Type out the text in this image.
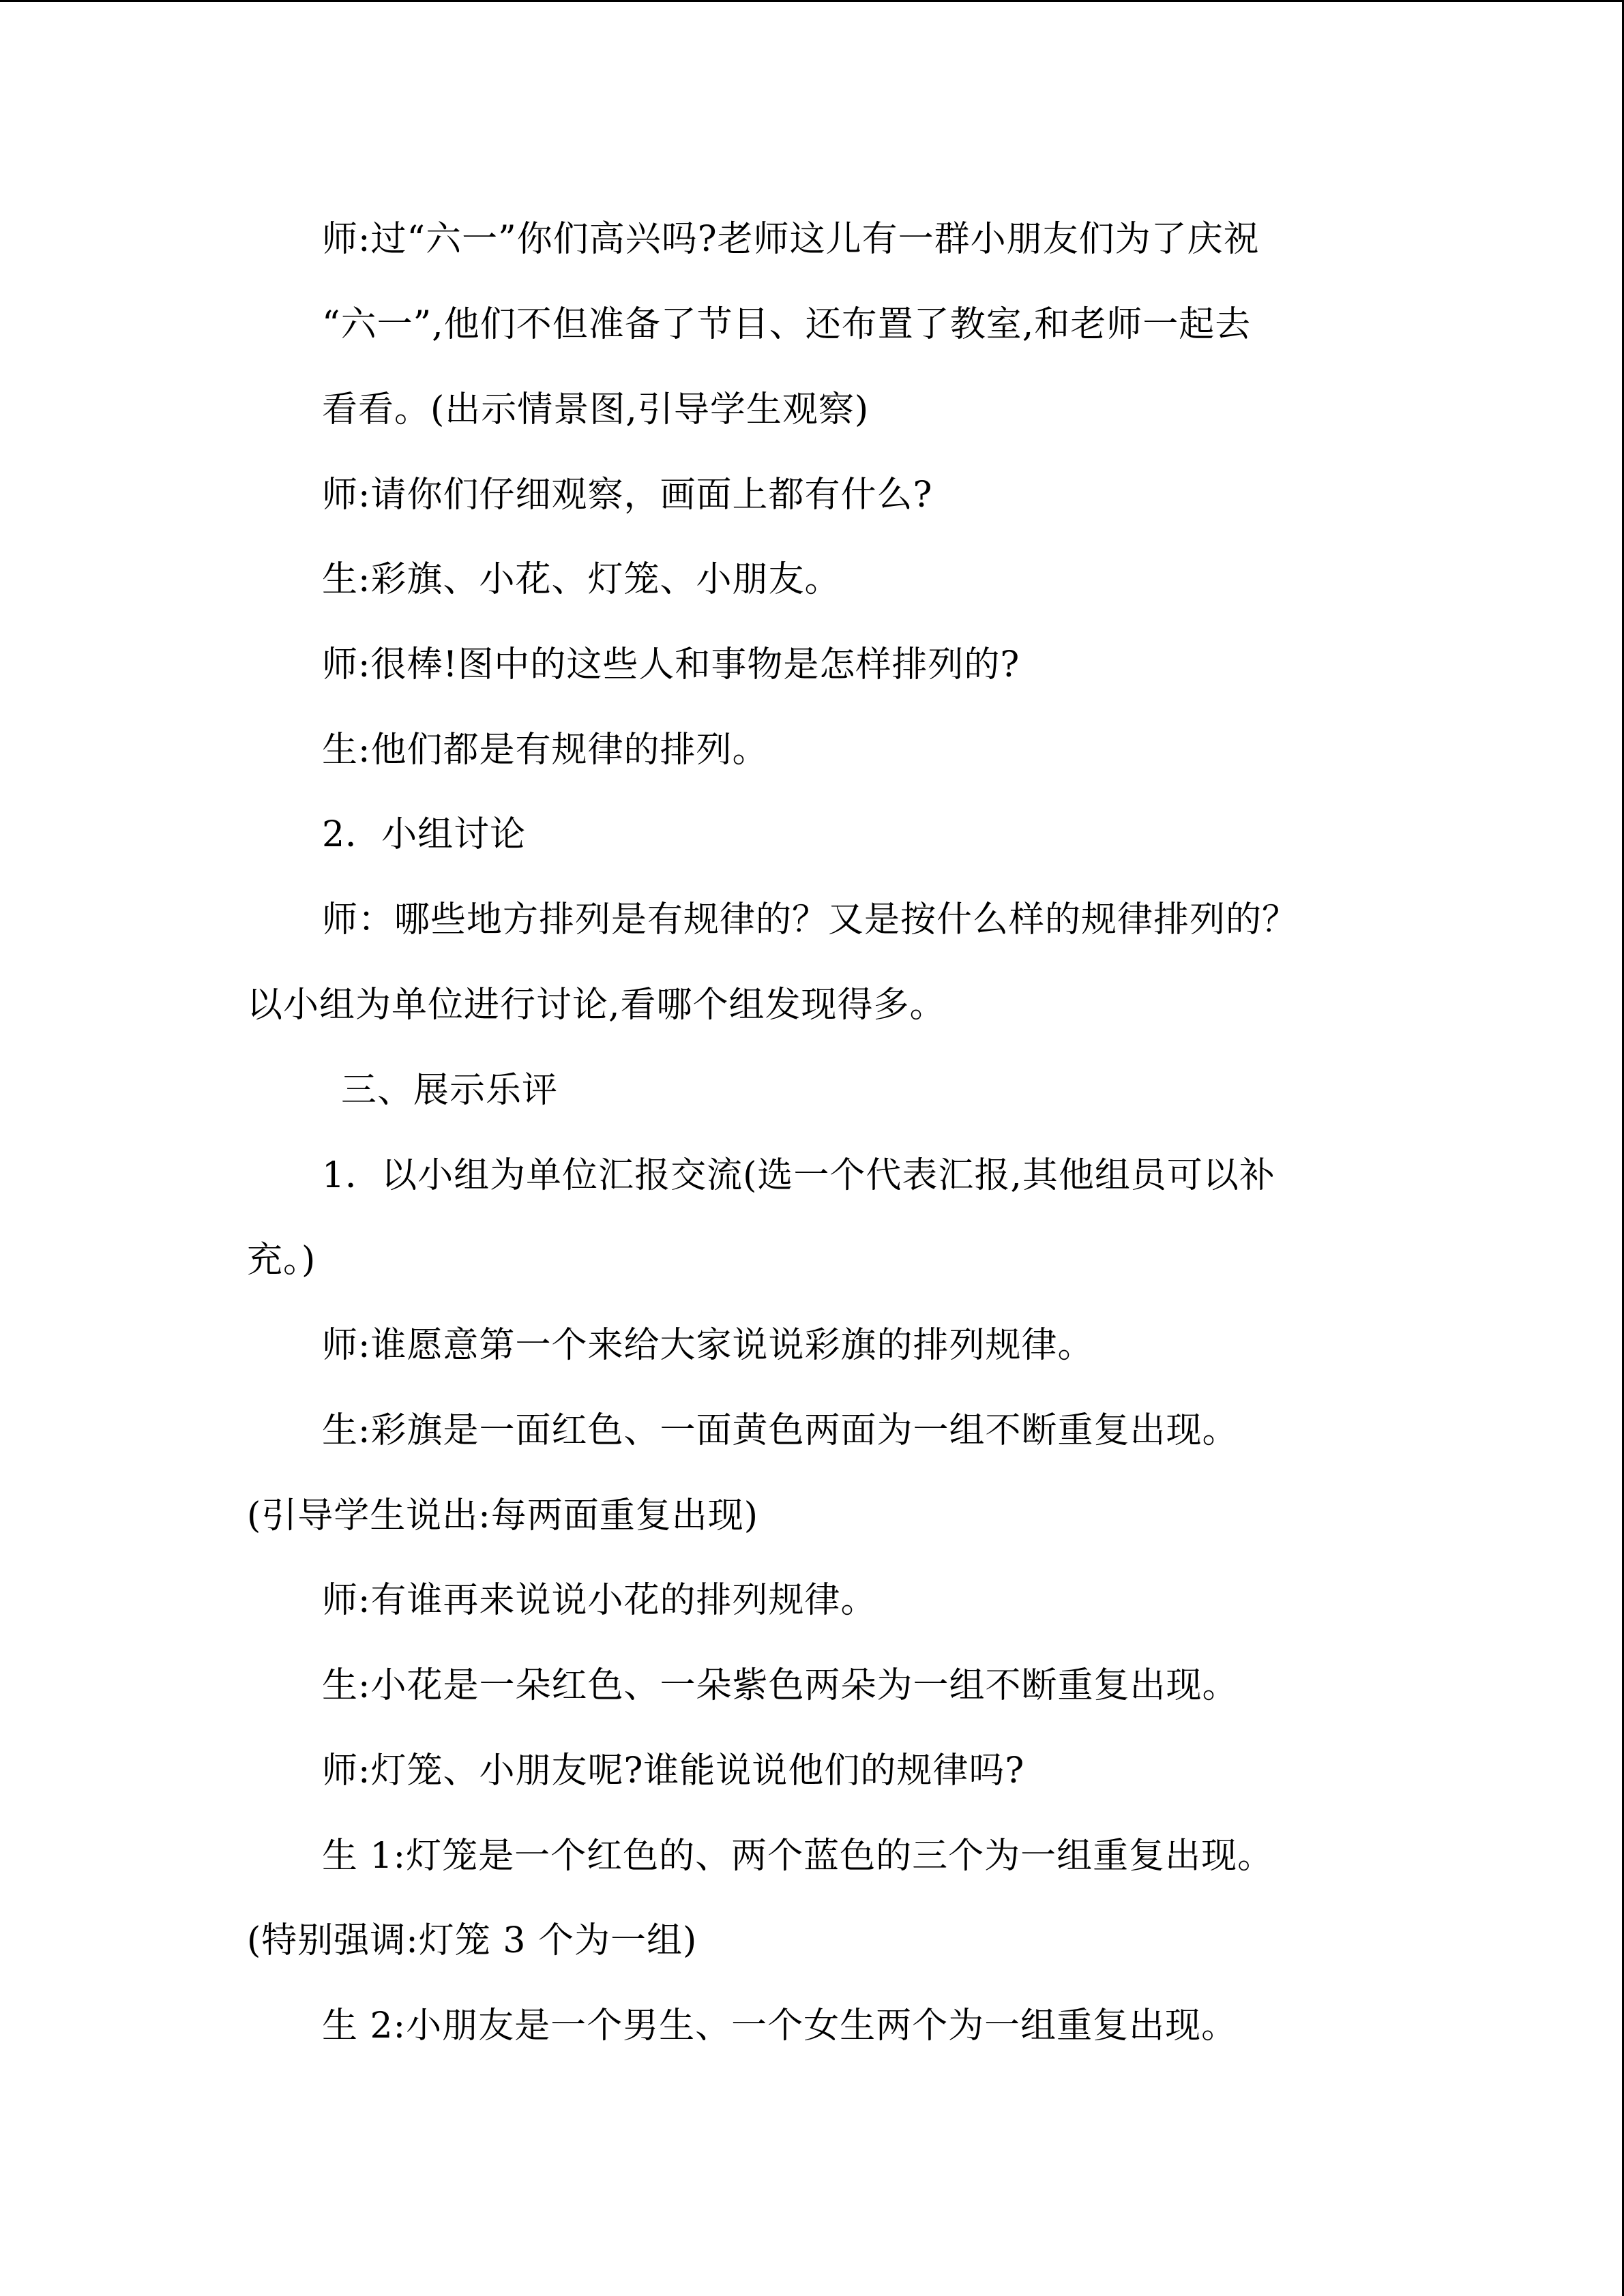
师:过“六一”你们高兴吗?老师这儿有一群小朋友们为了庆祝
“六一”,他们不但准备了节目、还布置了教室,和老师一起去
看看。(出示情景图,引导学生观察)
师:请你们仔细观察，画面上都有什么?
生:彩旗、小花、灯笼、小朋友。
师:很棒!图中的这些人和事物是怎样排列的?
生:他们都是有规律的排列。
2．小组讨论
师：哪些地方排列是有规律的？又是按什么样的规律排列的？
以小组为单位进行讨论,看哪个组发现得多。
三、展示乐评
1．以小组为单位汇报交流(选一个代表汇报,其他组员可以补
充。)
师:谁愿意第一个来给大家说说彩旗的排列规律。
生:彩旗是一面红色、一面黄色两面为一组不断重复出现。
(引导学生说出:每两面重复出现)
师:有谁再来说说小花的排列规律。
生:小花是一朵红色、一朵紫色两朵为一组不断重复出现。
师:灯笼、小朋友呢?谁能说说他们的规律吗?
生 1:灯笼是一个红色的、两个蓝色的三个为一组重复出现。
(特别强调:灯笼 3 个为一组)
生 2:小朋友是一个男生、一个女生两个为一组重复出现。
